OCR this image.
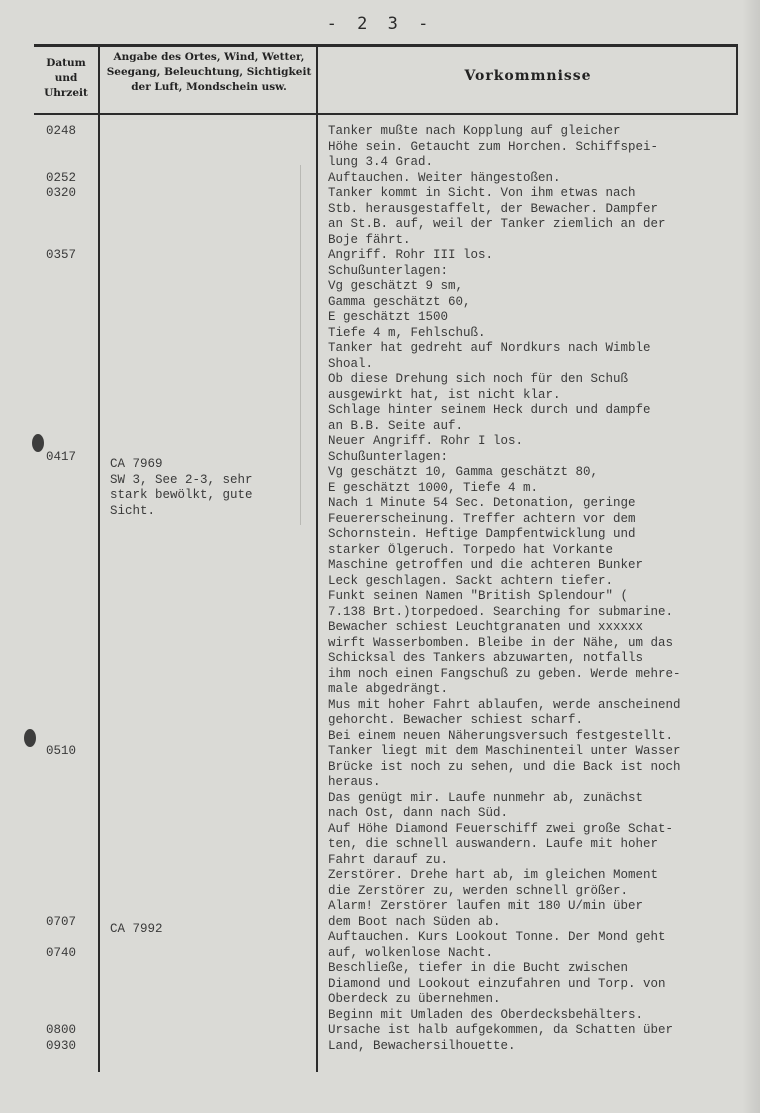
- 2 3 -
Datum
und
Uhrzeit
Angabe des Ortes, Wind, Wetter,
Seegang, Beleuchtung, Sichtigkeit
der Luft, Mondschein usw.
Vorkommnisse
0248
0252
0320
0357
0417
0510
0707
0740
0800
0930
CA 7969
SW 3, See 2-3, sehr
stark bewölkt, gute
Sicht.
CA 7992
Tanker mußte nach Kopplung auf gleicher
Höhe sein. Getaucht zum Horchen. Schiffspei-
lung 3.4 Grad.
Auftauchen. Weiter hängestoßen.
Tanker kommt in Sicht. Von ihm etwas nach
Stb. herausgestaffelt, der Bewacher. Dampfer
an St.B. auf, weil der Tanker ziemlich an der
Boje fährt.
Angriff. Rohr III los.
Schußunterlagen:
Vg geschätzt 9 sm,
Gamma geschätzt 60,
E geschätzt 1500
Tiefe 4 m, Fehlschuß.
Tanker hat gedreht auf Nordkurs nach Wimble
Shoal.
Ob diese Drehung sich noch für den Schuß
ausgewirkt hat, ist nicht klar.
Schlage hinter seinem Heck durch und dampfe
an B.B. Seite auf.
Neuer Angriff. Rohr I los.
Schußunterlagen:
Vg geschätzt 10, Gamma geschätzt 80,
E geschätzt 1000, Tiefe 4 m.
Nach 1 Minute 54 Sec. Detonation, geringe
Feuererscheinung. Treffer achtern vor dem
Schornstein. Heftige Dampfentwicklung und
starker Ölgeruch. Torpedo hat Vorkante
Maschine getroffen und die achteren Bunker
Leck geschlagen. Sackt achtern tiefer.
Funkt seinen Namen "British Splendour" (
7.138 Brt.)torpedoed. Searching for submarine.
Bewacher schiest Leuchtgranaten und xxxxxx
wirft Wasserbomben. Bleibe in der Nähe, um das
Schicksal des Tankers abzuwarten, notfalls
ihm noch einen Fangschuß zu geben. Werde mehre-
male abgedrängt.
Mus mit hoher Fahrt ablaufen, werde anscheinend
gehorcht. Bewacher schiest scharf.
Bei einem neuen Näherungsversuch festgestellt.
Tanker liegt mit dem Maschinenteil unter Wasser
Brücke ist noch zu sehen, und die Back ist noch
heraus.
Das genügt mir. Laufe nunmehr ab, zunächst
nach Ost, dann nach Süd.
Auf Höhe Diamond Feuerschiff zwei große Schat-
ten, die schnell auswandern. Laufe mit hoher
Fahrt darauf zu.
Zerstörer. Drehe hart ab, im gleichen Moment
die Zerstörer zu, werden schnell größer.
Alarm! Zerstörer laufen mit 180 U/min über
dem Boot nach Süden ab.
Auftauchen. Kurs Lookout Tonne. Der Mond geht
auf, wolkenlose Nacht.
Beschließe, tiefer in die Bucht zwischen
Diamond und Lookout einzufahren und Torp. von
Oberdeck zu übernehmen.
Beginn mit Umladen des Oberdecksbehälters.
Ursache ist halb aufgekommen, da Schatten über
Land, Bewachersilhouette.
